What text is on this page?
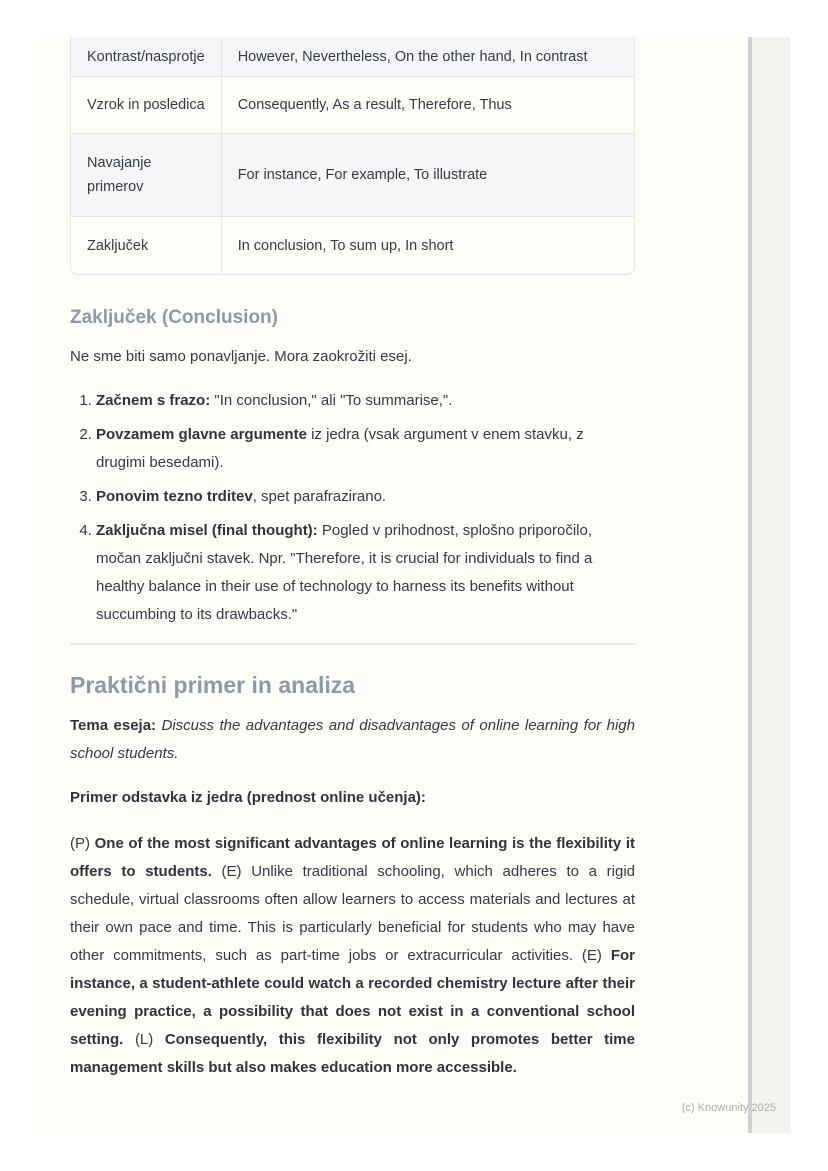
Kontrast/nasprotje	However, Nevertheless, On the other hand, In contrast
Vzrok in posledica	Consequently, As a result, Therefore, Thus
Navajanje primerov	For instance, For example, To illustrate
Zaključek	In conclusion, To sum up, In short
Zaključek (Conclusion)

Ne sme biti samo ponavljanje. Mora zaokrožiti esej.

1. Začnem s frazo: "In conclusion," ali "To summarise,".
2. Povzamem glavne argumente iz jedra (vsak argument v enem stavku, z drugimi besedami).
3. Ponovim tezno trditev, spet parafrazirano.
4. Zaključna misel (final thought): Pogled v prihodnost, splošno priporočilo, močan zaključni stavek. Npr. "Therefore, it is crucial for individuals to find a healthy balance in their use of technology to harness its benefits without succumbing to its drawbacks."
Praktični primer in analiza

Tema eseja: Discuss the advantages and disadvantages of online learning for high school students.

Primer odstavka iz jedra (prednost online učenja):

(P) One of the most significant advantages of online learning is the flexibility it offers to students. (E) Unlike traditional schooling, which adheres to a rigid schedule, virtual classrooms often allow learners to access materials and lectures at their own pace and time. This is particularly beneficial for students who may have other commitments, such as part-time jobs or extracurricular activities. (E) For instance, a student-athlete could watch a recorded chemistry lecture after their evening practice, a possibility that does not exist in a conventional school setting. (L) Consequently, this flexibility not only promotes better time management skills but also makes education more accessible.

(c) Knowunity 2025
